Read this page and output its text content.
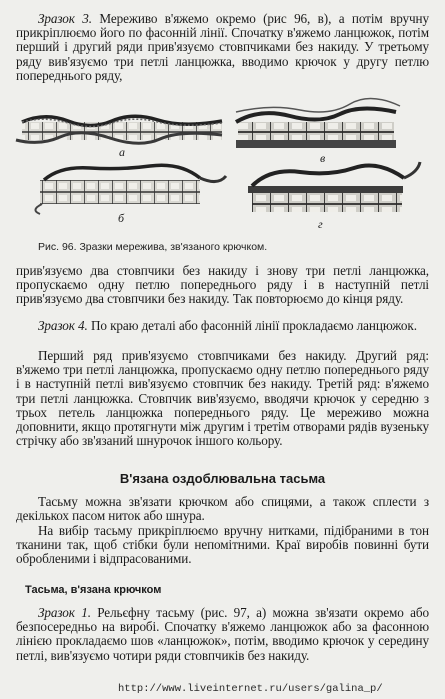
Зразок 3. Мереживо в'яжемо окремо (рис 96, в), а потім вручну прикріплюємо його по фасонній лінії. Спочатку в'яжемо ланцюжок, потім перший і другий ряди прив'язуємо стовпчиками без накиду. У третьому ряду вив'язуємо три петлі ланцюжка, вводимо крючок у другу петлю попереднього ряду,

а
б
в
г

Рис. 96. Зразки мережива, зв'язаного крючком.

прив'язуємо два стовпчики без накиду і знову три петлі ланцюжка, пропускаємо одну петлю попереднього ряду і в наступній петлі прив'язуємо два стовпчики без накиду. Так повторюємо до кінця ряду.

Зразок 4. По краю деталі або фасонній лінії прокладаємо ланцюжок.

Перший ряд прив'язуємо стовпчиками без накиду. Другий ряд: в'яжемо три петлі ланцюжка, пропускаємо одну петлю попереднього ряду і в наступній петлі вив'язуємо стовпчик без накиду. Третій ряд: в'яжемо три петлі ланцюжка. Стовпчик вив'язуємо, вводячи крючок у середню з трьох петель ланцюжка попереднього ряду. Це мереживо можна доповнити, якщо протягнути між другим і третім отворами рядів вузеньку стрічку або зв'язаний шнурочок іншого кольору.

В'язана оздоблювальна тасьма

Тасьму можна зв'язати крючком або спицями, а також сплести з декількох пасом ниток або шнура.

На вибір тасьму прикріплюємо вручну нитками, підібраними в тон тканини так, щоб стібки були непомітними. Краї виробів повинні бути обробленими і відпрасованими.

Тасьма, в'язана крючком

Зразок 1. Рельєфну тасьму (рис. 97, а) можна зв'язати окремо або безпосередньо на виробі. Спочатку в'яжемо ланцюжок або за фасонною лінією прокладаємо шов «ланцюжок», потім, вводимо крючок у середину петлі, вив'язуємо чотири ряди стовпчиків без накиду.

http://www.liveinternet.ru/users/galina_p/
